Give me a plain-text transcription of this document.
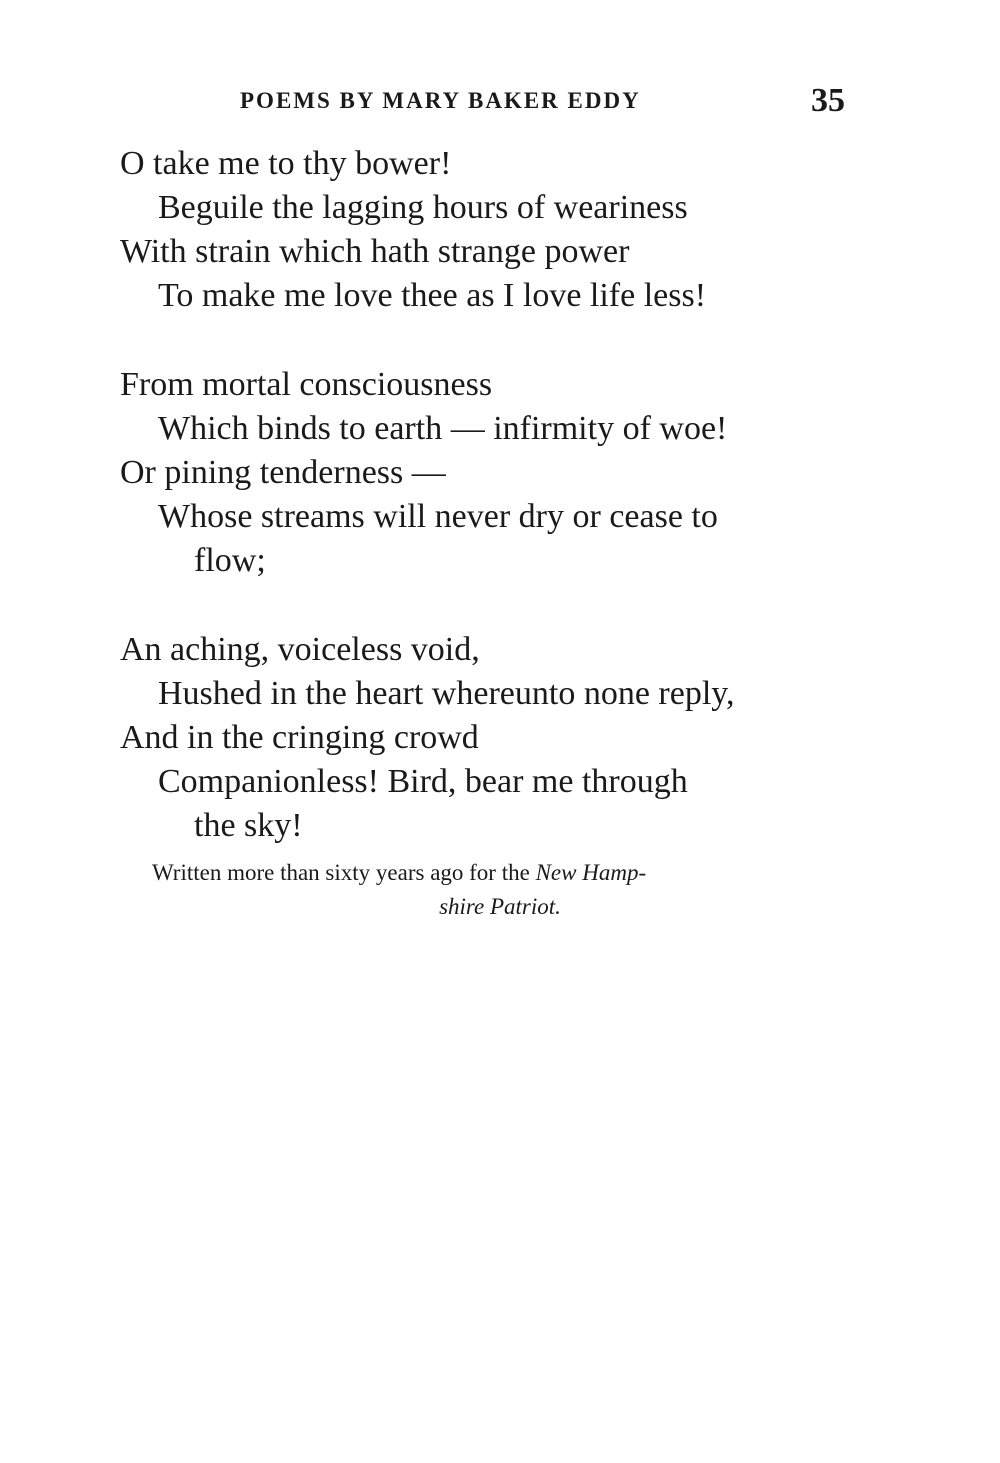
POEMS BY MARY BAKER EDDY	35
O take me to thy bower!
Beguile the lagging hours of weariness
With strain which hath strange power
To make me love thee as I love life less!
From mortal consciousness
Which binds to earth — infirmity of woe!
Or pining tenderness —
Whose streams will never dry or cease to
flow;
An aching, voiceless void,
Hushed in the heart whereunto none reply,
And in the cringing crowd
Companionless! Bird, bear me through
the sky!
Written more than sixty years ago for the New Hamp-
shire Patriot.
